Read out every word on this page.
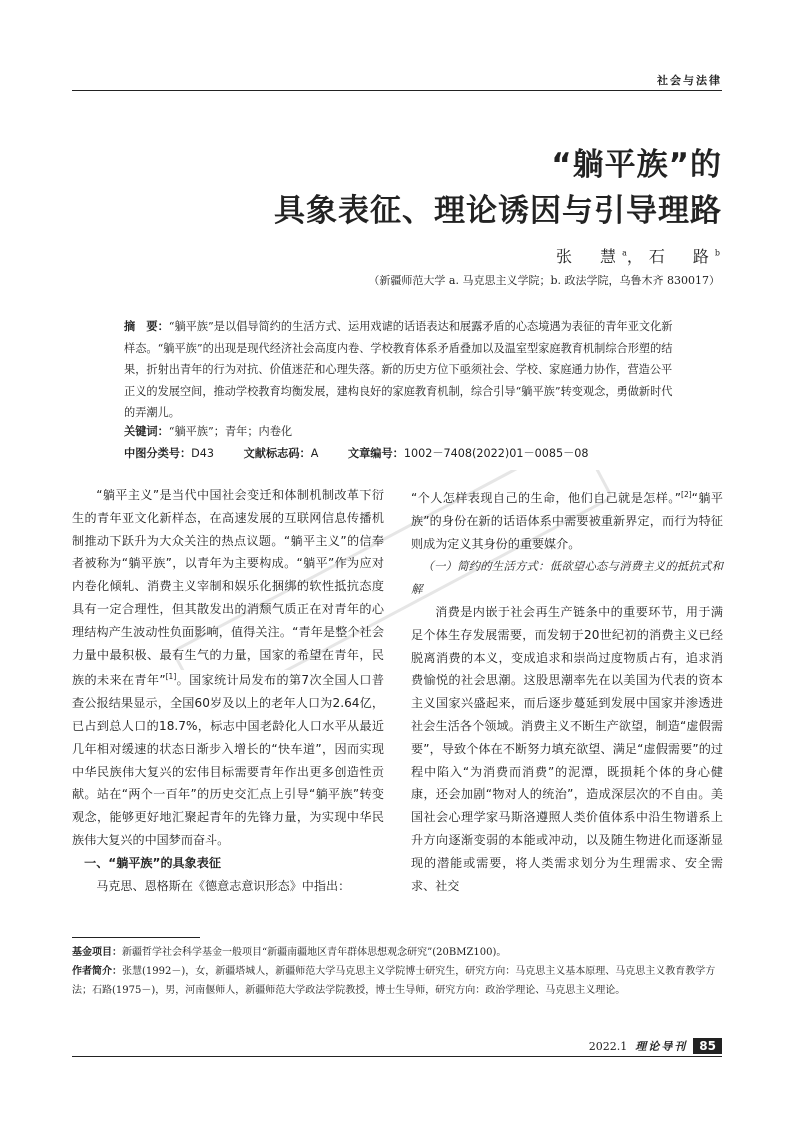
社会与法律
“躺平族”的
具象表征、理论诱因与引导理路
张　慧$^a$，石　路$^b$
（新疆师范大学 a. 马克思主义学院；b. 政法学院，乌鲁木齐 830017）
摘　要：“躺平族”是以倡导简约的生活方式、运用戏谑的话语表达和展露矛盾的心态境遇为表征的青年亚文化新样态。“躺平族”的出现是现代经济社会高度内卷、学校教育体系矛盾叠加以及温室型家庭教育机制综合形塑的结果，折射出青年的行为对抗、价值迷茫和心理失落。新的历史方位下亟须社会、学校、家庭通力协作，营造公平正义的发展空间，推动学校教育均衡发展，建构良好的家庭教育机制，综合引导“躺平族”转变观念，勇做新时代的弄潮儿。
关键词：“躺平族”；青年；内卷化
中图分类号：D43	文献标志码：A	文章编号：1002－7408(2022)01－0085－08

“躺平主义”是当代中国社会变迁和体制机制改革下衍生的青年亚文化新样态，在高速发展的互联网信息传播机制推动下跃升为大众关注的热点议题。“躺平主义”的信奉者被称为“躺平族”，以青年为主要构成。“躺平”作为应对内卷化倾轧、消费主义宰制和娱乐化捆绑的软性抵抗态度具有一定合理性，但其散发出的消颓气质正在对青年的心理结构产生波动性负面影响，值得关注。“青年是整个社会力量中最积极、最有生气的力量，国家的希望在青年，民族的未来在青年”[1]。国家统计局发布的第7次全国人口普查公报结果显示，全国60岁及以上的老年人口为2.64亿，已占到总人口的18.7%，标志中国老龄化人口水平从最近几年相对缓速的状态日渐步入增长的“快车道”，因而实现中华民族伟大复兴的宏伟目标需要青年作出更多创造性贡献。站在“两个一百年”的历史交汇点上引导“躺平族”转变观念，能够更好地汇聚起青年的先锋力量，为实现中华民族伟大复兴的中国梦而奋斗。

一、“躺平族”的具象表征

马克思、恩格斯在《德意志意识形态》中指出：

“个人怎样表现自己的生命，他们自己就是怎样。”[2]“躺平族”的身份在新的话语体系中需要被重新界定，而行为特征则成为定义其身份的重要媒介。

（一）简约的生活方式：低欲望心态与消费主义的抵抗式和解

消费是内嵌于社会再生产链条中的重要环节，用于满足个体生存发展需要，而发轫于20世纪初的消费主义已经脱离消费的本义，变成追求和崇尚过度物质占有，追求消费愉悦的社会思潮。这股思潮率先在以美国为代表的资本主义国家兴盛起来，而后逐步蔓延到发展中国家并渗透进社会生活各个领域。消费主义不断生产欲望，制造“虚假需要”，导致个体在不断努力填充欲望、满足“虚假需要”的过程中陷入“为消费而消费”的泥潭，既损耗个体的身心健康，还会加剧“物对人的统治”，造成深层次的不自由。美国社会心理学家马斯洛遵照人类价值体系中沿生物谱系上升方向逐渐变弱的本能或冲动，以及随生物进化而逐渐显现的潜能或需要，将人类需求划分为生理需求、安全需求、社交

基金项目：新疆哲学社会科学基金一般项目“新疆南疆地区青年群体思想观念研究”(20BMZ100)。
作者简介：张慧(1992－)，女，新疆塔城人，新疆师范大学马克思主义学院博士研究生，研究方向：马克思主义基本原理、马克思主义教育教学方法；石路(1975－)，男，河南偃师人，新疆师范大学政法学院教授，博士生导师，研究方向：政治学理论、马克思主义理论。
2022.1 理论导刊	85
